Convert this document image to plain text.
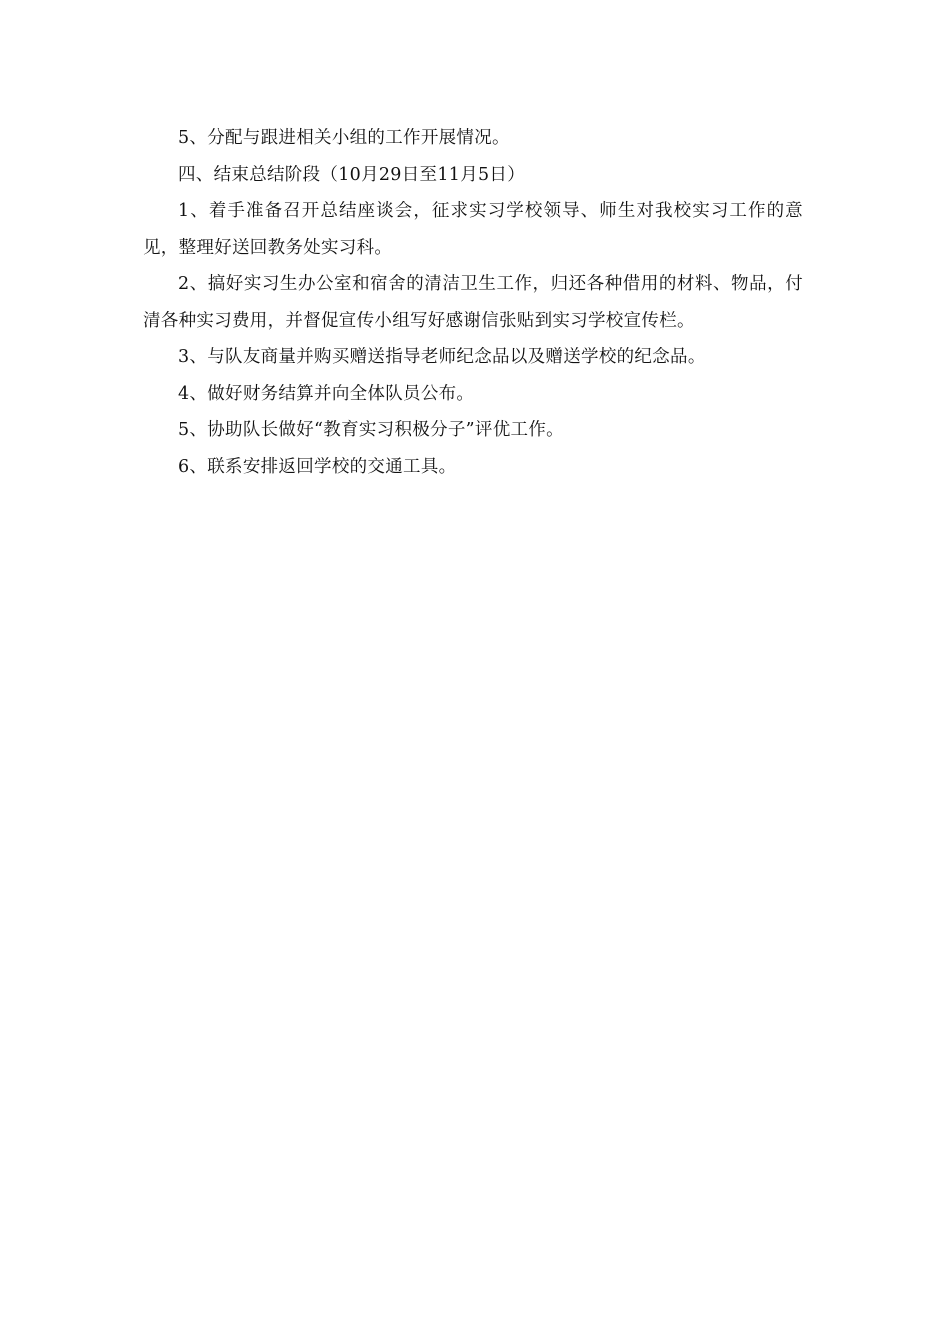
5、分配与跟进相关小组的工作开展情况。

四、结束总结阶段（10月29日至11月5日）

1、着手准备召开总结座谈会，征求实习学校领导、师生对我校实习工作的意见，整理好送回教务处实习科。

2、搞好实习生办公室和宿舍的清洁卫生工作，归还各种借用的材料、物品，付清各种实习费用，并督促宣传小组写好感谢信张贴到实习学校宣传栏。

3、与队友商量并购买赠送指导老师纪念品以及赠送学校的纪念品。

4、做好财务结算并向全体队员公布。

5、协助队长做好“教育实习积极分子”评优工作。

6、联系安排返回学校的交通工具。
